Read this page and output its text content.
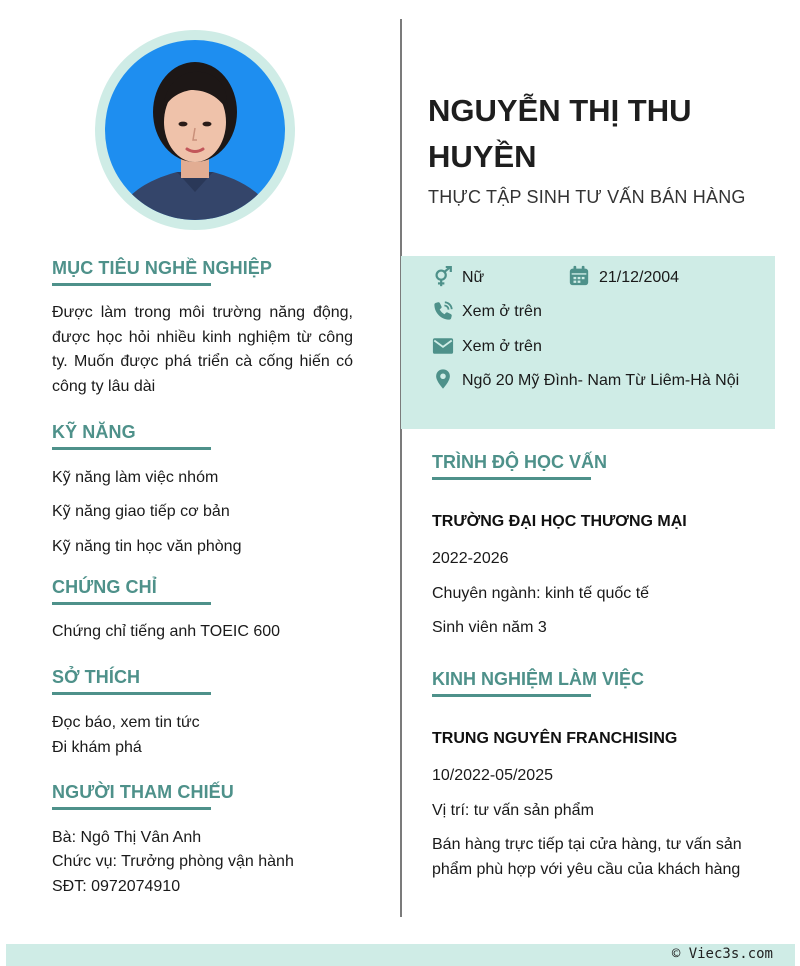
MỤC TIÊU NGHỀ NGHIỆP
Được làm trong môi trường năng động, được học hỏi nhiều kinh nghiệm từ công ty. Muốn được phá triển cà cống hiến có công ty lâu dài
KỸ NĂNG
Kỹ năng làm việc nhóm
Kỹ năng giao tiếp cơ bản
Kỹ năng tin học văn phòng
CHỨNG CHỈ
Chứng chỉ tiếng anh TOEIC 600
SỞ THÍCH
Đọc báo, xem tin tức
Đi khám phá
NGƯỜI THAM CHIẾU
Bà: Ngô Thị Vân Anh
Chức vụ: Trưởng phòng vận hành
SĐT: 0972074910
NGUYỄN THỊ THU HUYỀN
THỰC TẬP SINH TƯ VẤN BÁN HÀNG
Nữ	21/12/2004
Xem ở trên
Xem ở trên
Ngõ 20 Mỹ Đình- Nam Từ Liêm-Hà Nội
TRÌNH ĐỘ HỌC VẤN
TRƯỜNG ĐẠI HỌC THƯƠNG MẠI
2022-2026
Chuyên ngành: kinh tế quốc tế
Sinh viên năm 3
KINH NGHIỆM LÀM VIỆC
TRUNG NGUYÊN FRANCHISING
10/2022-05/2025
Vị trí: tư vấn sản phẩm
Bán hàng trực tiếp tại cửa hàng, tư vấn sản phẩm phù hợp với yêu cầu của khách hàng
© Viec3s.com
